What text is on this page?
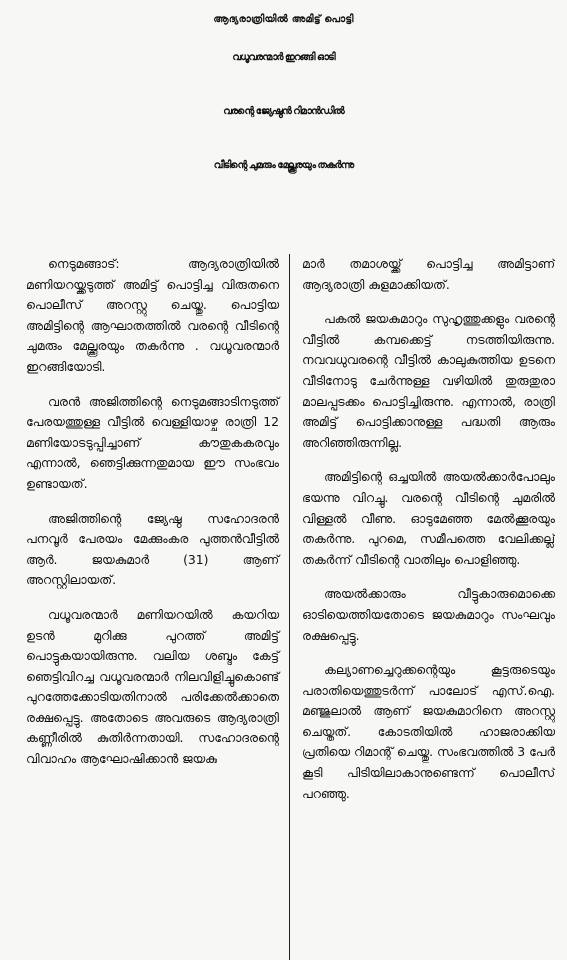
ആദ്യരാത്രിയിൽ അമിട്ട് പൊട്ടി
വധൂവരന്മാർ ഇറങ്ങി ഓടി
വരന്റെ ജ്യേഷ്ഠൻ റിമാൻഡിൽ
വീടിന്റെ ചുമരും മേല്ക്കൂരയും തകർന്നു

നെടുമങ്ങാട്: ആദ്യരാത്രിയിൽ മണിയറയ്ക്കടുത്ത് അമിട്ട് പൊട്ടിച്ച വിരുതനെ പൊലീസ് അറസ്റ്റു ചെയ്തു. പൊട്ടിയ അമിട്ടിന്റെ ആഘാതത്തിൽ വരന്റെ വീടിന്റെ ചുമരും മേല്ക്കൂരയും തകർന്നു . വധൂവരന്മാർ ഇറങ്ങിയോടി.

വരൻ അജിത്തിന്റെ നെടുമങ്ങാടിനടുത്ത് പേരയത്തുള്ള വീട്ടിൽ വെള്ളിയാഴ്ച രാത്രി 12 മണിയോടടുപ്പിച്ചാണ് കൗതുകകരവും എന്നാൽ, ഞെട്ടിക്കുന്നതുമായ ഈ സംഭവം ഉണ്ടായത്.

അജിത്തിന്റെ ജ്യേഷ്ഠ സഹോദരൻ പനവൂർ പേരയം മേക്കുംകര പുത്തൻവീട്ടിൽ ആർ. ജയകുമാർ (31) ആണ് അറസ്റ്റിലായത്.

വധൂവരന്മാർ മണിയറയിൽ കയറിയ ഉടൻ മുറിക്കു പുറത്ത് അമിട്ട് പൊട്ടുകയായിരുന്നു. വലിയ ശബ്ദം കേട്ട് ഞെട്ടിവിറച്ച വധൂവരന്മാർ നിലവിളിച്ചുകൊണ്ട് പുറത്തേക്കോടിയതിനാൽ പരിക്കേൽക്കാതെ രക്ഷപ്പെട്ടു. അതോടെ അവരുടെ ആദ്യരാത്രി കണ്ണീരിൽ കുതിർന്നതായി. സഹോദരന്റെ വിവാഹം ആഘോഷിക്കാൻ ജയകു

മാർ തമാശയ്ക്ക് പൊട്ടിച്ച അമിട്ടാണ് ആദ്യരാത്രി കുളമാക്കിയത്.

പകൽ ജയകുമാറും സുഹൃത്തുക്കളും വരന്റെ വീട്ടിൽ കമ്പക്കെട്ട് നടത്തിയിരുന്നു. നവവധുവരന്റെ വീട്ടിൽ കാലുകുത്തിയ ഉടനെ വീടിനോടു ചേർന്നുള്ള വഴിയിൽ തുരുതുരാ മാലപ്പടക്കം പൊട്ടിച്ചിരുന്നു. എന്നാൽ, രാത്രി അമിട്ട് പൊട്ടിക്കാനുള്ള പദ്ധതി ആരും അറിഞ്ഞിരുന്നില്ല.

അമിട്ടിന്റെ ഒച്ചയിൽ അയൽക്കാർപോലും ഭയന്നു വിറച്ചു. വരന്റെ വീടിന്റെ ചുമരിൽ വിള്ളൽ വീണു. ഓടുമേഞ്ഞ മേൽക്കൂരയും തകർന്നു. പുറമെ, സമീപത്തെ വേലിക്കല്ല് തകർന്ന് വീടിന്റെ വാതിലും പൊളിഞ്ഞു.

അയൽക്കാരും വീട്ടുകാരുമൊക്കെ ഓടിയെത്തിയതോടെ ജയകുമാറും സംഘവും രക്ഷപ്പെട്ടു.

കല്യാണച്ചെറുക്കന്റെയും കൂട്ടരുടെയും പരാതിയെത്തുടർന്ന് പാലോട് എസ്.ഐ. മഞ്ജുലാൽ ആണ് ജയകുമാറിനെ അറസ്റ്റു ചെയ്തത്. കോടതിയിൽ ഹാജരാക്കിയ പ്രതിയെ റിമാന്റ് ചെയ്തു. സംഭവത്തിൽ 3 പേർ കൂടി പിടിയിലാകാനുണ്ടെന്ന് പൊലീസ് പറഞ്ഞു.
